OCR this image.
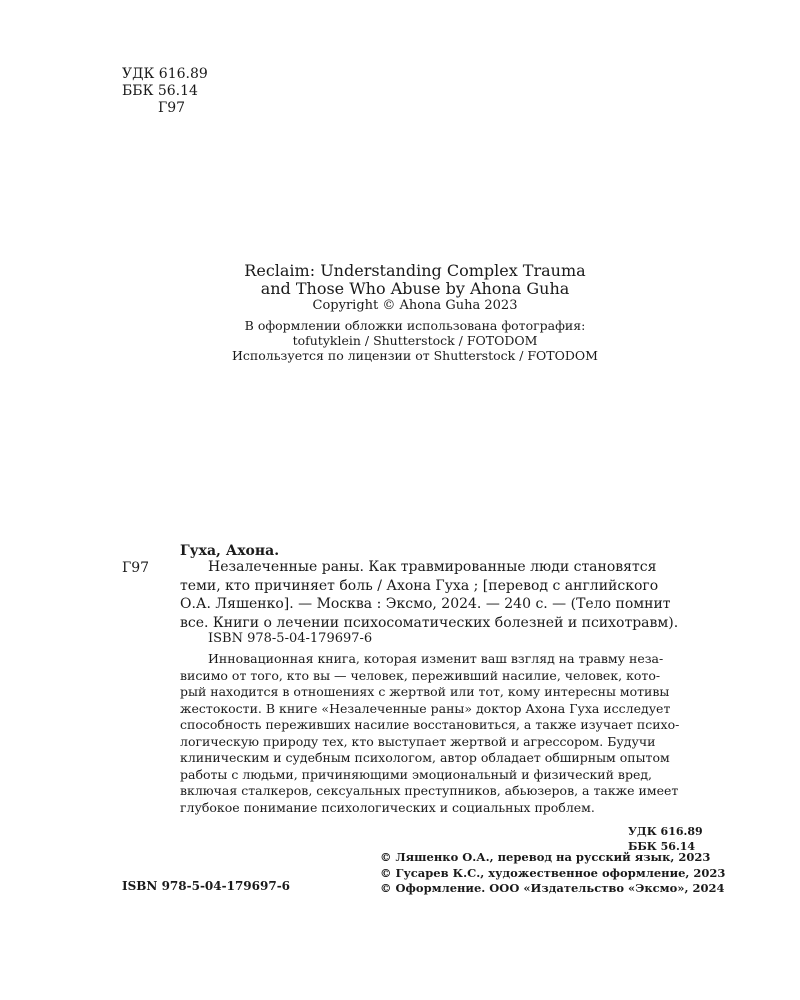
УДК 616.89
ББК 56.14
Г97
Reclaim: Understanding Complex Trauma
and Those Who Abuse by Ahona Guha
Copyright © Ahona Guha 2023
В оформлении обложки использована фотография:
tofutyklein / Shutterstock / FOTODOM
Используется по лицензии от Shutterstock / FOTODOM
Гуха, Ахона.
Г97	Незалеченные раны. Как травмированные люди становятся
теми, кто причиняет боль / Ахона Гуха ; [перевод с английского
О.А. Ляшенко]. — Москва : Эксмо, 2024. — 240 с. — (Тело помнит
все. Книги о лечении психосоматических болезней и психотравм).
ISBN 978-5-04-179697-6
Инновационная книга, которая изменит ваш взгляд на травму неза-
висимо от того, кто вы — человек, переживший насилие, человек, кото-
рый находится в отношениях с жертвой или тот, кому интересны мотивы
жестокости. В книге «Незалеченные раны» доктор Ахона Гуха исследует
способность переживших насилие восстановиться, а также изучает психо-
логическую природу тех, кто выступает жертвой и агрессором. Будучи
клиническим и судебным психологом, автор обладает обширным опытом
работы с людьми, причиняющими эмоциональный и физический вред,
включая сталкеров, сексуальных преступников, абьюзеров, а также имеет
глубокое понимание психологических и социальных проблем.
УДК 616.89
ББК 56.14
ISBN 978-5-04-179697-6
© Ляшенко О.А., перевод на русский язык, 2023
© Гусарев К.С., художественное оформление, 2023
© Оформление. ООО «Издательство «Эксмо», 2024
